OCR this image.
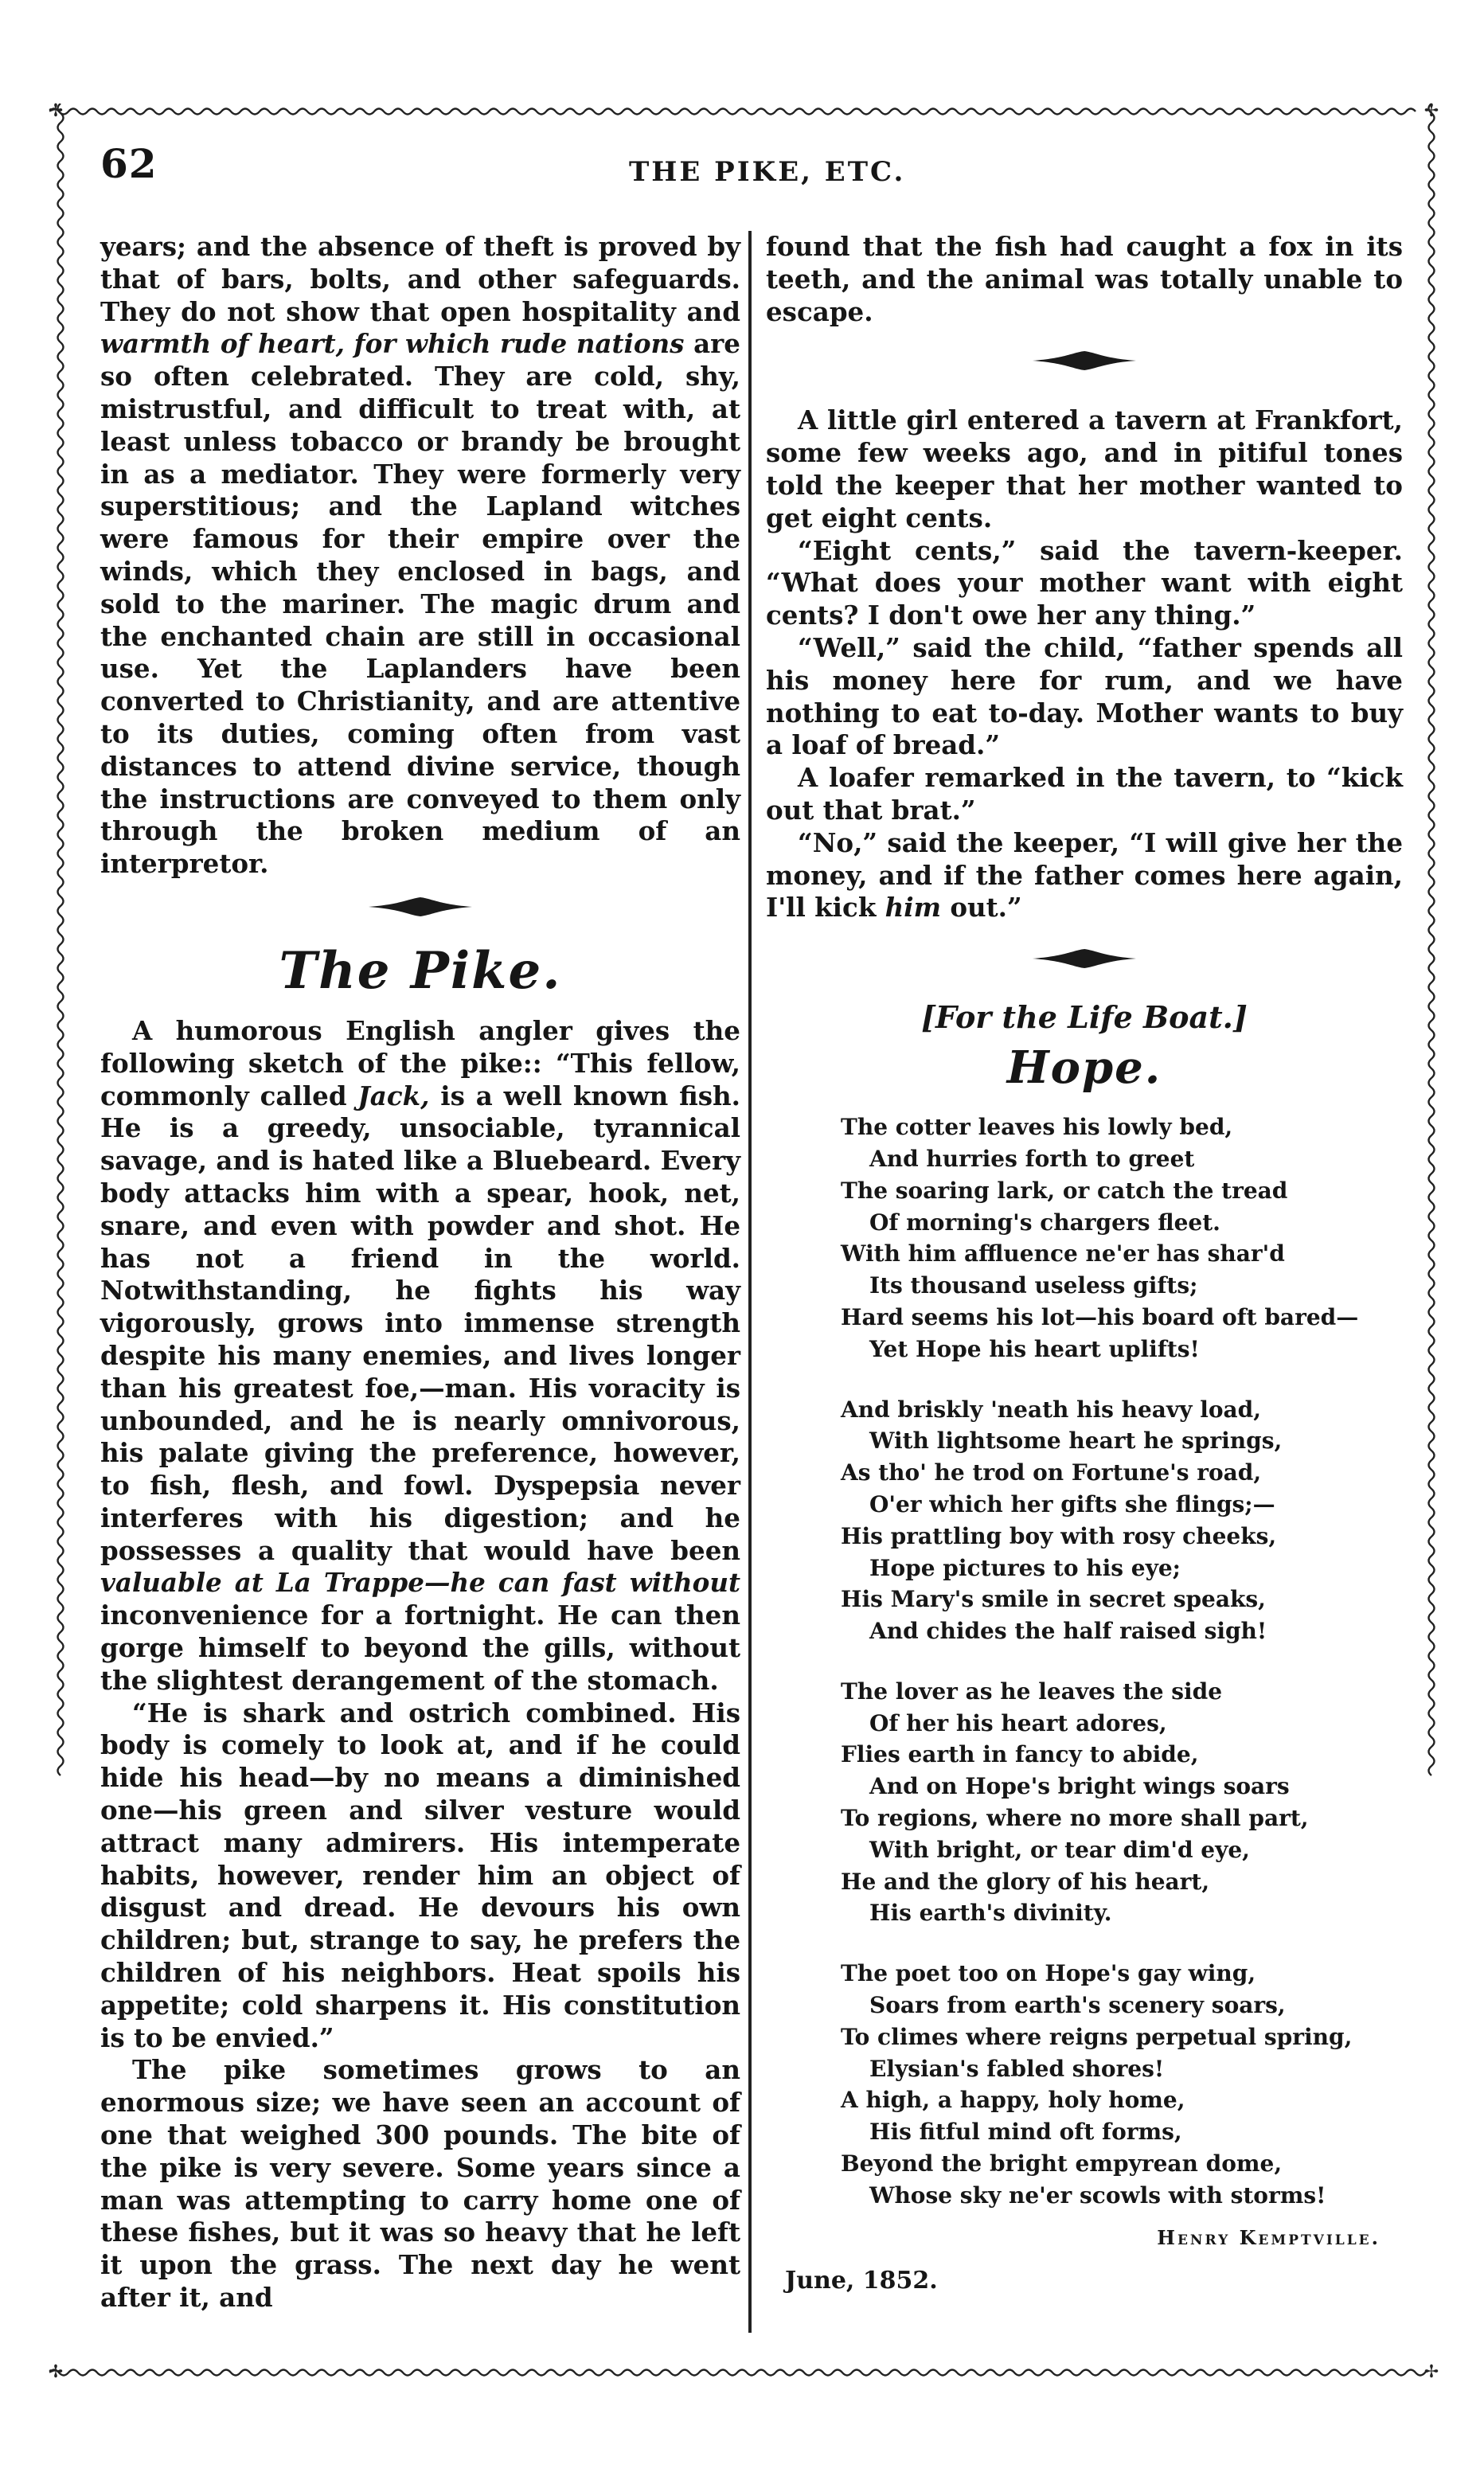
✢	✢
✢	✢
62	THE PIKE, ETC.

years; and the absence of theft is proved by that of bars, bolts, and other safeguards. They do not show that open hospitality and warmth of heart, for which rude nations are so often celebrated. They are cold, shy, mistrustful, and difficult to treat with, at least unless tobacco or brandy be brought in as a mediator. They were formerly very superstitious; and the Lapland witches were famous for their empire over the winds, which they enclosed in bags, and sold to the mariner. The magic drum and the enchanted chain are still in occasional use. Yet the Laplanders have been converted to Christianity, and are attentive to its duties, coming often from vast distances to attend divine service, though the instructions are conveyed to them only through the broken medium of an interpretor.

The Pike.

A humorous English angler gives the following sketch of the pike:: “This fellow, commonly called Jack, is a well known fish. He is a greedy, unsociable, tyrannical savage, and is hated like a Bluebeard. Every body attacks him with a spear, hook, net, snare, and even with powder and shot. He has not a friend in the world. Notwithstanding, he fights his way vigorously, grows into immense strength despite his many enemies, and lives longer than his greatest foe,—man. His voracity is unbounded, and he is nearly omnivorous, his palate giving the preference, however, to fish, flesh, and fowl. Dyspepsia never interferes with his digestion; and he possesses a quality that would have been valuable at La Trappe—he can fast without inconvenience for a fortnight. He can then gorge himself to beyond the gills, without the slightest derangement of the stomach.

“He is shark and ostrich combined. His body is comely to look at, and if he could hide his head—by no means a diminished one—his green and silver vesture would attract many admirers. His intemperate habits, however, render him an object of disgust and dread. He devours his own children; but, strange to say, he prefers the children of his neighbors. Heat spoils his appetite; cold sharpens it. His constitution is to be envied.”

The pike sometimes grows to an enormous size; we have seen an account of one that weighed 300 pounds. The bite of the pike is very severe. Some years since a man was attempting to carry home one of these fishes, but it was so heavy that he left it upon the grass. The next day he went after it, and

found that the fish had caught a fox in its teeth, and the animal was totally unable to escape.

A little girl entered a tavern at Frankfort, some few weeks ago, and in pitiful tones told the keeper that her mother wanted to get eight cents.

“Eight cents,” said the tavern-keeper. “What does your mother want with eight cents? I don't owe her any thing.”

“Well,” said the child, “father spends all his money here for rum, and we have nothing to eat to-day. Mother wants to buy a loaf of bread.”

A loafer remarked in the tavern, to “kick out that brat.”

“No,” said the keeper, “I will give her the money, and if the father comes here again, I'll kick him out.”

[For the Life Boat.]
Hope.
The cotter leaves his lowly bed,
And hurries forth to greet
The soaring lark, or catch the tread
Of morning's chargers fleet.
With him affluence ne'er has shar'd
Its thousand useless gifts;
Hard seems his lot—his board oft bared—
Yet Hope his heart uplifts!
And briskly 'neath his heavy load,
With lightsome heart he springs,
As tho' he trod on Fortune's road,
O'er which her gifts she flings;—
His prattling boy with rosy cheeks,
Hope pictures to his eye;
His Mary's smile in secret speaks,
And chides the half raised sigh!
The lover as he leaves the side
Of her his heart adores,
Flies earth in fancy to abide,
And on Hope's bright wings soars
To regions, where no more shall part,
With bright, or tear dim'd eye,
He and the glory of his heart,
His earth's divinity.
The poet too on Hope's gay wing,
Soars from earth's scenery soars,
To climes where reigns perpetual spring,
Elysian's fabled shores!
A high, a happy, holy home,
His fitful mind oft forms,
Beyond the bright empyrean dome,
Whose sky ne'er scowls with storms!
Henry Kemptville.
June, 1852.
